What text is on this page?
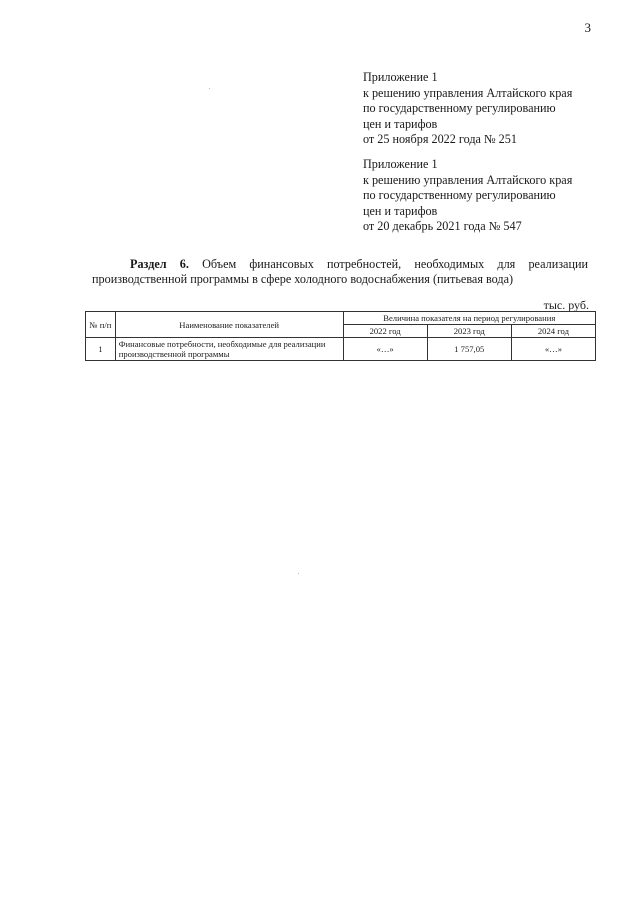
3
Приложение 1
к решению управления Алтайского края
по государственному регулированию
цен и тарифов
от 25 ноября 2022 года № 251
Приложение 1
к решению управления Алтайского края
по государственному регулированию
цен и тарифов
от 20 декабрь 2021 года № 547
Раздел 6. Объем финансовых потребностей, необходимых для реализации производственной программы в сфере холодного водоснабжения (питьевая вода)
тыс. руб.
№ п/п	Наименование показателей	Величина показателя на период регулирования		
		2022 год	2023 год	2024 год
1	Финансовые потребности, необходимые для реализации производственной программы	«…»	1 757,05	«…»
